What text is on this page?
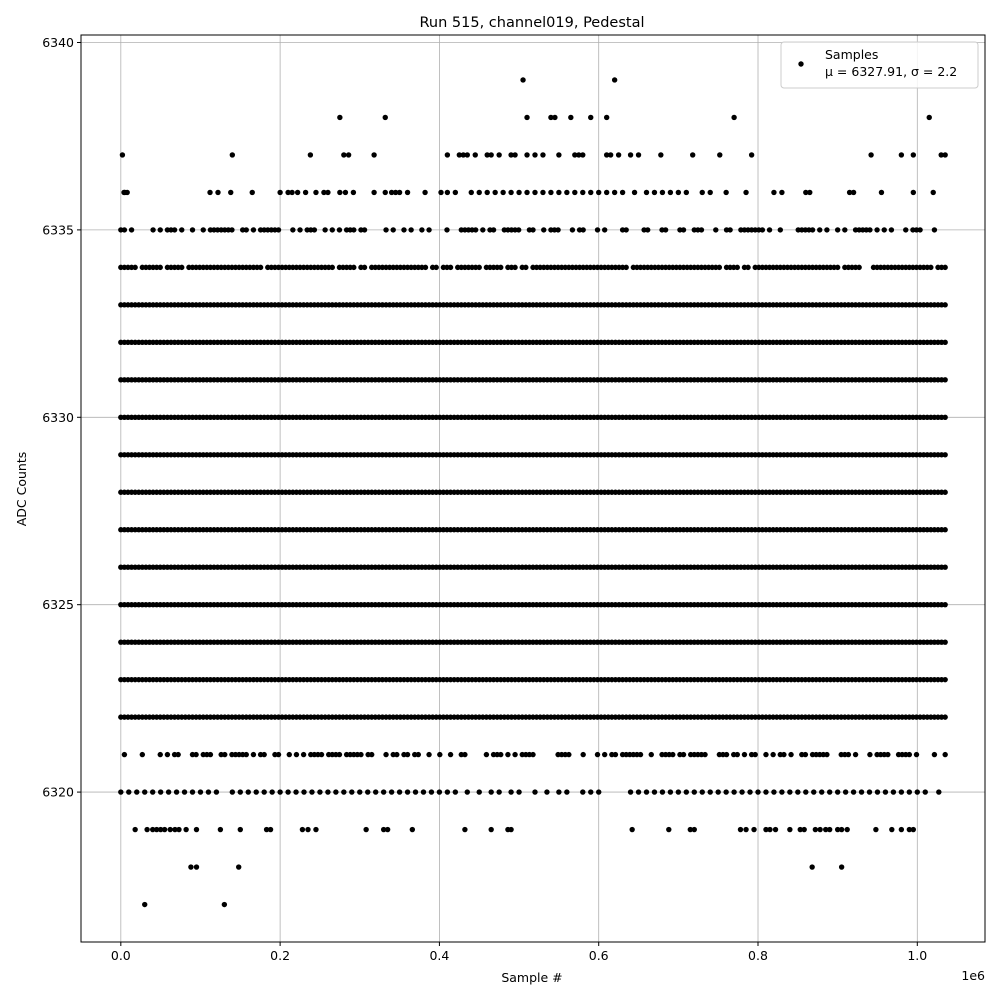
0.0	0.2	0.4	0.6	0.8	1.0
6320
6325
6330
6335
6340
Run 515, channel019, Pedestal
Sample #
ADC Counts
1e6
Samples
μ = 6327.91, σ = 2.2
